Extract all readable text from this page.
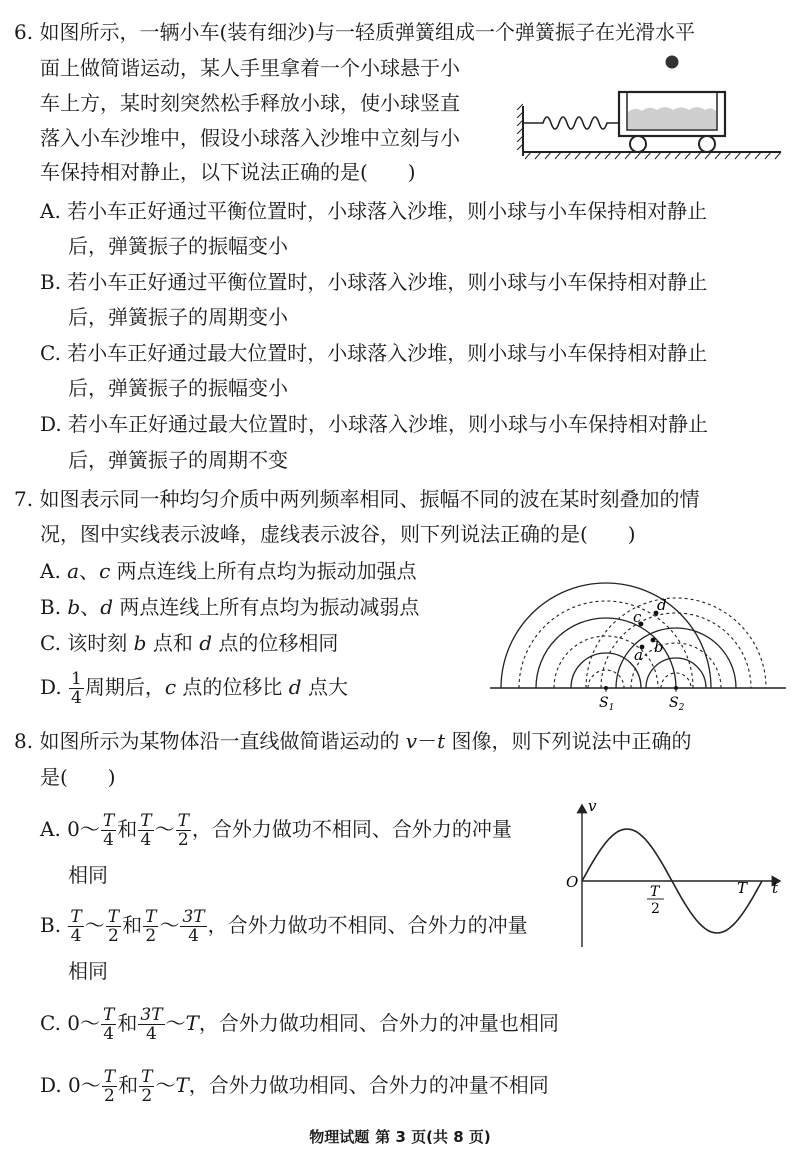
6. 如图所示，一辆小车(装有细沙)与一轻质弹簧组成一个弹簧振子在光滑水平
面上做简谐运动，某人手里拿着一个小球悬于小
车上方，某时刻突然松手释放小球，使小球竖直
落入小车沙堆中，假设小球落入沙堆中立刻与小
车保持相对静止，以下说法正确的是(　　)
A. 若小车正好通过平衡位置时，小球落入沙堆，则小球与小车保持相对静止
后，弹簧振子的振幅变小
B. 若小车正好通过平衡位置时，小球落入沙堆，则小球与小车保持相对静止
后，弹簧振子的周期变小
C. 若小车正好通过最大位置时，小球落入沙堆，则小球与小车保持相对静止
后，弹簧振子的振幅变小
D. 若小车正好通过最大位置时，小球落入沙堆，则小球与小车保持相对静止
后，弹簧振子的周期不变
7. 如图表示同一种均匀介质中两列频率相同、振幅不同的波在某时刻叠加的情
况，图中实线表示波峰，虚线表示波谷，则下列说法正确的是(　　)
A. a、c 两点连线上所有点均为振动加强点
B. b、d 两点连线上所有点均为振动减弱点
C. 该时刻 b 点和 d 点的位移相同
D. $\frac{1}{4}$ 周期后，c 点的位移比 d 点大
c
d
b
a
$S_1$	$S_2$
8. 如图所示为某物体沿一直线做简谐运动的 v－t 图像，则下列说法中正确的
是(　　)
A. 0～ $\frac{T}{4}$ 和 $\frac{T}{4}$ ～ $\frac{T}{2}$ ，合外力做功不相同、合外力的冲量
相同
B. $\frac{T}{4}$ ～ $\frac{T}{2}$ 和 $\frac{T}{2}$ ～ $\frac{3T}{4}$ ，合外力做功不相同、合外力的冲量
相同
C. 0～ $\frac{T}{4}$ 和 $\frac{3T}{4}$ ～T，合外力做功相同、合外力的冲量也相同
D. 0～ $\frac{T}{2}$ 和 $\frac{T}{2}$ ～T，合外力做功相同、合外力的冲量不相同
v
t
O
T
2
T
物理试题 第 3 页(共 8 页)
